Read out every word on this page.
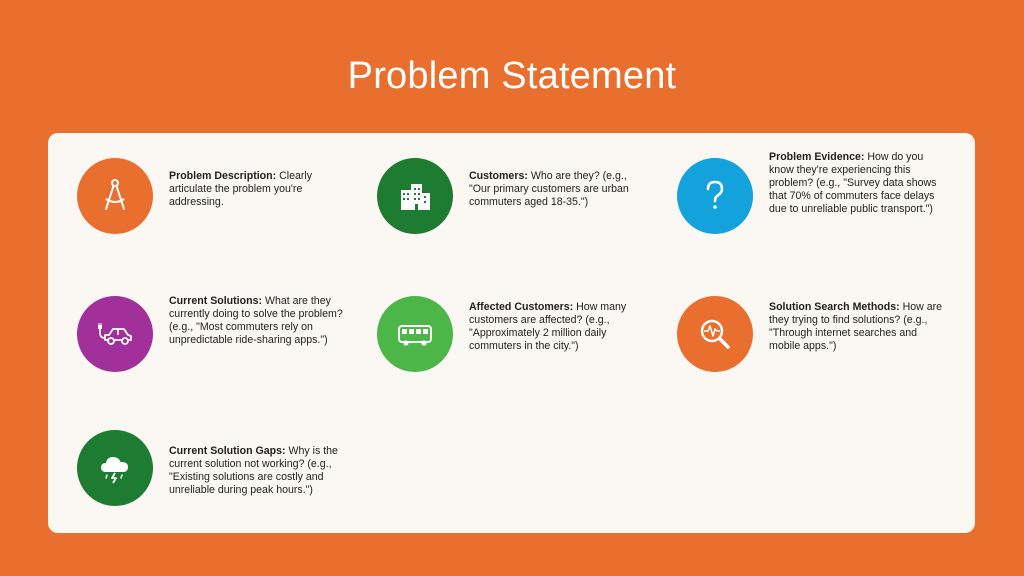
Problem Statement
Problem Description: Clearly articulate the problem you're addressing.
Customers: Who are they? (e.g., "Our primary customers are urban commuters aged 18-35.")
Problem Evidence: How do you know they're experiencing this problem? (e.g., "Survey data shows that 70% of commuters face delays due to unreliable public transport.")
Current Solutions: What are they currently doing to solve the problem? (e.g., "Most commuters rely on unpredictable ride-sharing apps.")
Affected Customers: How many customers are affected? (e.g., "Approximately 2 million daily commuters in the city.")
Solution Search Methods: How are they trying to find solutions? (e.g., "Through internet searches and mobile apps.")
Current Solution Gaps: Why is the current solution not working? (e.g., "Existing solutions are costly and unreliable during peak hours.")
